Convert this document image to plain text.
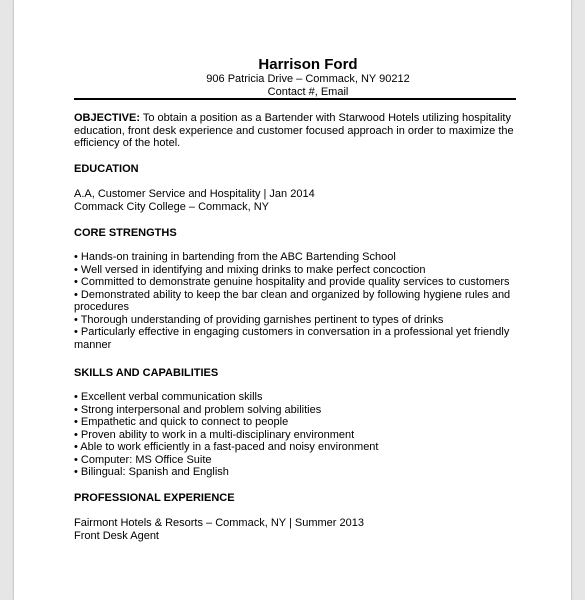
Harrison Ford
906 Patricia Drive – Commack, NY 90212
Contact #, Email

OBJECTIVE: To obtain a position as a Bartender with Starwood Hotels utilizing hospitality education, front desk experience and customer focused approach in order to maximize the efficiency of the hotel.

EDUCATION
A.A, Customer Service and Hospitality | Jan 2014
Commack City College – Commack, NY
CORE STRENGTHS
• Hands-on training in bartending from the ABC Bartending School
• Well versed in identifying and mixing drinks to make perfect concoction
• Committed to demonstrate genuine hospitality and provide quality services to customers
• Demonstrated ability to keep the bar clean and organized by following hygiene rules and procedures
• Thorough understanding of providing garnishes pertinent to types of drinks
• Particularly effective in engaging customers in conversation in a professional yet friendly manner
SKILLS AND CAPABILITIES
• Excellent verbal communication skills
• Strong interpersonal and problem solving abilities
• Empathetic and quick to connect to people
• Proven ability to work in a multi-disciplinary environment
• Able to work efficiently in a fast-paced and noisy environment
• Computer: MS Office Suite
• Bilingual: Spanish and English
PROFESSIONAL EXPERIENCE
Fairmont Hotels & Resorts – Commack, NY | Summer 2013
Front Desk Agent
